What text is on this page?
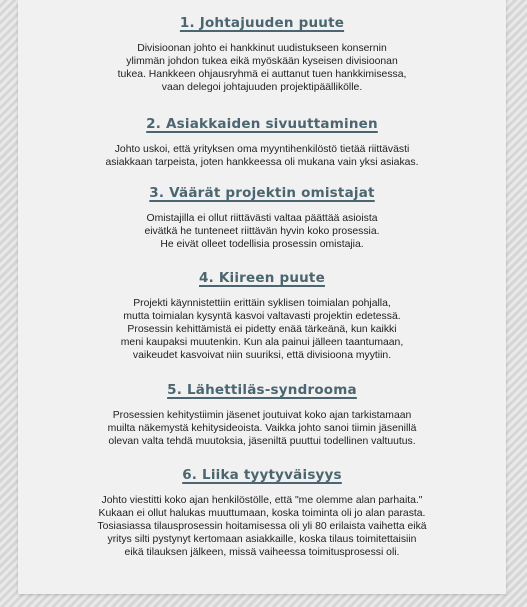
1. Johtajuuden puute

Divisioonan johto ei hankkinut uudistukseen konsernin
ylimmän johdon tukea eikä myöskään kyseisen divisioonan
tukea. Hankkeen ohjausryhmä ei auttanut tuen hankkimisessa,
vaan delegoi johtajuuden projektipäällikölle.

2. Asiakkaiden sivuuttaminen

Johto uskoi, että yrityksen oma myyntihenkilöstö tietää riittävästi
asiakkaan tarpeista, joten hankkeessa oli mukana vain yksi asiakas.

3. Väärät projektin omistajat

Omistajilla ei ollut riittävästi valtaa päättää asioista
eivätkä he tunteneet riittävän hyvin koko prosessia.
He eivät olleet todellisia prosessin omistajia.

4. Kiireen puute

Projekti käynnistettiin erittäin syklisen toimialan pohjalla,
mutta toimialan kysyntä kasvoi valtavasti projektin edetessä.
Prosessin kehittämistä ei pidetty enää tärkeänä, kun kaikki
meni kaupaksi muutenkin. Kun ala painui jälleen taantumaan,
vaikeudet kasvoivat niin suuriksi, että divisioona myytiin.

5. Lähettiläs-syndrooma

Prosessien kehitystiimin jäsenet joutuivat koko ajan tarkistamaan
muilta näkemystä kehitysideoista. Vaikka johto sanoi tiimin jäsenillä
olevan valta tehdä muutoksia, jäseniltä puuttui todellinen valtuutus.

6. Liika tyytyväisyys

Johto viestitti koko ajan henkilöstölle, että "me olemme alan parhaita."
Kukaan ei ollut halukas muuttumaan, koska toiminta oli jo alan parasta.
Tosiasiassa tilausprosessin hoitamisessa oli yli 80 erilaista vaihetta eikä
yritys silti pystynyt kertomaan asiakkaille, koska tilaus toimitettaisiin
eikä tilauksen jälkeen, missä vaiheessa toimitusprosessi oli.
